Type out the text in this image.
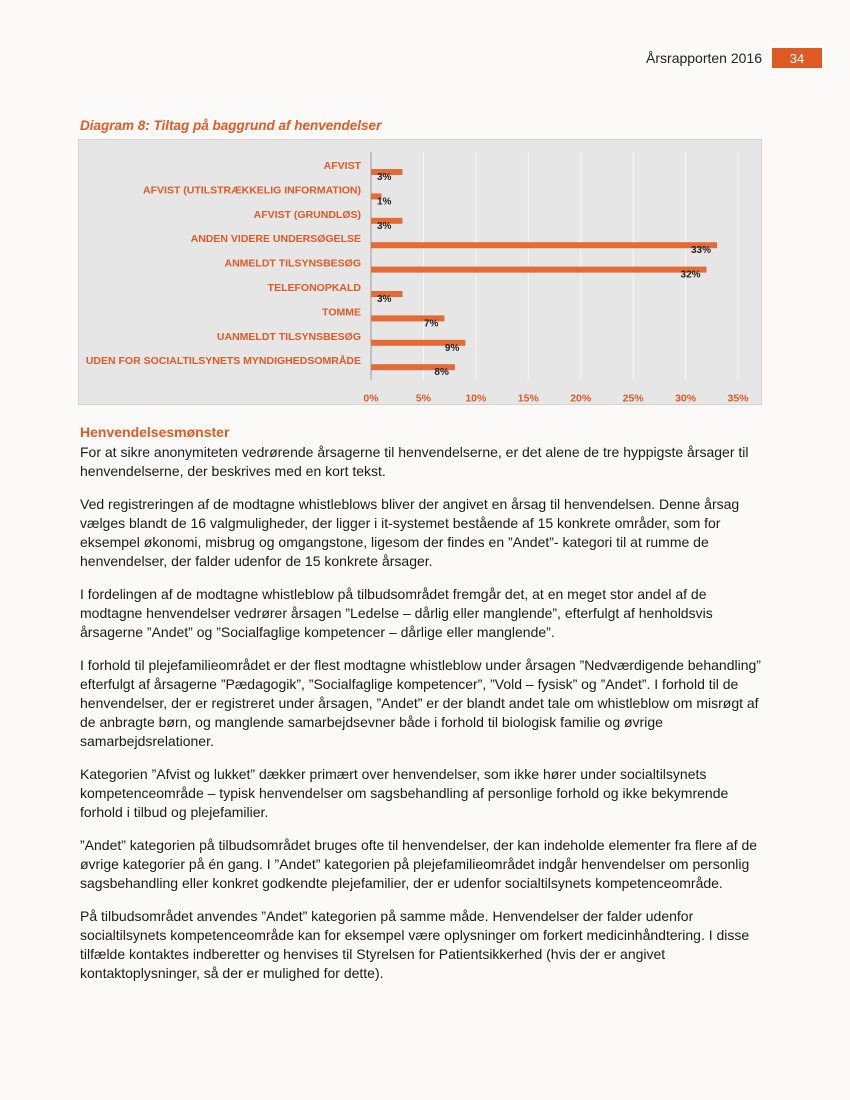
Årsrapporten 2016	34
Diagram 8: Tiltag på baggrund af henvendelser
0%	5%	10%	15%	20%	25%	30%	35%
AFVIST
3%
AFVIST (UTILSTRÆKKELIG INFORMATION)
1%
AFVIST (GRUNDLØS)
3%
ANDEN VIDERE UNDERSØGELSE
33%
ANMELDT TILSYNSBESØG
32%
TELEFONOPKALD
3%
TOMME
7%
UANMELDT TILSYNSBESØG
9%
UDEN FOR SOCIALTILSYNETS MYNDIGHEDSOMRÅDE
8%
Henvendelsesmønster

For at sikre anonymiteten vedrørende årsagerne til henvendelserne, er det alene de tre hyppigste årsager til henvendelserne, der beskrives med en kort tekst.

Ved registreringen af de modtagne whistleblows bliver der angivet en årsag til henvendelsen. Denne årsag vælges blandt de 16 valgmuligheder, der ligger i it-systemet bestående af 15 konkrete områder, som for eksempel økonomi, misbrug og omgangstone, ligesom der findes en ”Andet”- kategori til at rumme de henvendelser, der falder udenfor de 15 konkrete årsager.

I fordelingen af de modtagne whistleblow på tilbudsområdet fremgår det, at en meget stor andel af de modtagne henvendelser vedrører årsagen ”Ledelse – dårlig eller manglende”, efterfulgt af henholdsvis årsagerne ”Andet” og ”Socialfaglige kompetencer – dårlige eller manglende”.

I forhold til plejefamilieområdet er der flest modtagne whistleblow under årsagen ”Nedværdigende behandling” efterfulgt af årsagerne ”Pædagogik”, ”Socialfaglige kompetencer”, ”Vold – fysisk” og ”Andet”. I forhold til de henvendelser, der er registreret under årsagen, ”Andet” er der blandt andet tale om whistleblow om misrøgt af de anbragte børn, og manglende samarbejdsevner både i forhold til biologisk familie og øvrige samarbejdsrelationer.

Kategorien ”Afvist og lukket” dækker primært over henvendelser, som ikke hører under socialtilsynets kompetenceområde – typisk henvendelser om sagsbehandling af personlige forhold og ikke bekymrende forhold i tilbud og plejefamilier.

”Andet” kategorien på tilbudsområdet bruges ofte til henvendelser, der kan indeholde elementer fra flere af de øvrige kategorier på én gang. I ”Andet” kategorien på plejefamilieområdet indgår henvendelser om personlig sagsbehandling eller konkret godkendte plejefamilier, der er udenfor socialtilsynets kompetenceområde.

På tilbudsområdet anvendes ”Andet” kategorien på samme måde. Henvendelser der falder udenfor socialtilsynets kompetenceområde kan for eksempel være oplysninger om forkert medicinhåndtering. I disse tilfælde kontaktes indberetter og henvises til Styrelsen for Patientsikkerhed (hvis der er angivet kontaktoplysninger, så der er mulighed for dette).
